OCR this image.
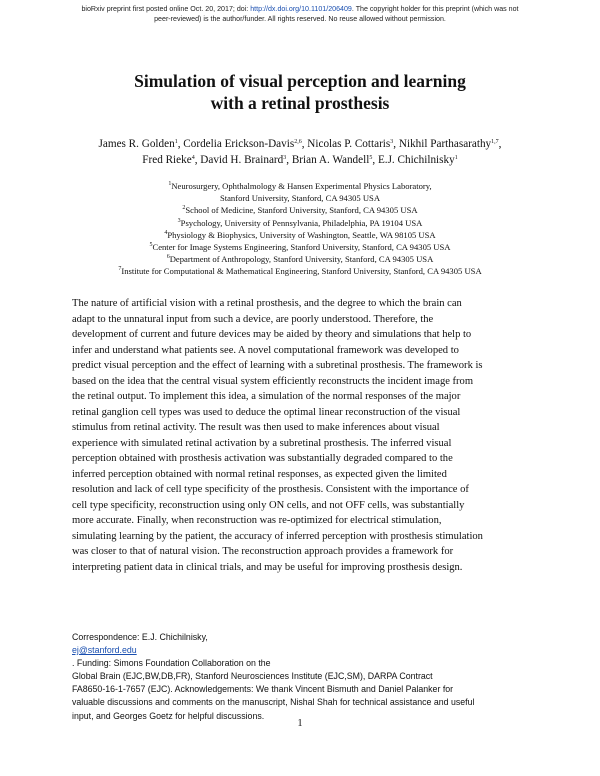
bioRxiv preprint first posted online Oct. 20, 2017; doi: http://dx.doi.org/10.1101/206409. The copyright holder for this preprint (which was not
peer-reviewed) is the author/funder. All rights reserved. No reuse allowed without permission.
Simulation of visual perception and learning
with a retinal prosthesis
James R. Golden$^1$, Cordelia Erickson-Davis$^{2,6}$, Nicolas P. Cottaris$^3$, Nikhil Parthasarathy$^{1,7}$,
Fred Rieke$^4$, David H. Brainard$^3$, Brian A. Wandell$^5$, E.J. Chichilnisky$^1$
$^1$Neurosurgery, Ophthalmology & Hansen Experimental Physics Laboratory,
Stanford University, Stanford, CA 94305 USA
$^2$School of Medicine, Stanford University, Stanford, CA 94305 USA
$^3$Psychology, University of Pennsylvania, Philadelphia, PA 19104 USA
$^4$Physiology & Biophysics, University of Washington, Seattle, WA 98105 USA
$^5$Center for Image Systems Engineering, Stanford University, Stanford, CA 94305 USA
$^6$Department of Anthropology, Stanford University, Stanford, CA 94305 USA
$^7$Institute for Computational & Mathematical Engineering, Stanford University, Stanford, CA 94305 USA
The nature of artificial vision with a retinal prosthesis, and the degree to which the brain can
adapt to the unnatural input from such a device, are poorly understood. Therefore, the
development of current and future devices may be aided by theory and simulations that help to
infer and understand what patients see. A novel computational framework was developed to
predict visual perception and the effect of learning with a subretinal prosthesis. The framework is
based on the idea that the central visual system efficiently reconstructs the incident image from
the retinal output. To implement this idea, a simulation of the normal responses of the major
retinal ganglion cell types was used to deduce the optimal linear reconstruction of the visual
stimulus from retinal activity. The result was then used to make inferences about visual
experience with simulated retinal activation by a subretinal prosthesis. The inferred visual
perception obtained with prosthesis activation was substantially degraded compared to the
inferred perception obtained with normal retinal responses, as expected given the limited
resolution and lack of cell type specificity of the prosthesis. Consistent with the importance of
cell type specificity, reconstruction using only ON cells, and not OFF cells, was substantially
more accurate. Finally, when reconstruction was re-optimized for electrical stimulation,
simulating learning by the patient, the accuracy of inferred perception with prosthesis stimulation
was closer to that of natural vision. The reconstruction approach provides a framework for
interpreting patient data in clinical trials, and may be useful for improving prosthesis design.
Correspondence: E.J. Chichilnisky,
ej@stanford.edu
. Funding: Simons Foundation Collaboration on the
Global Brain (EJC,BW,DB,FR), Stanford Neurosciences Institute (EJC,SM), DARPA Contract
FA8650-16-1-7657 (EJC). Acknowledgements: We thank Vincent Bismuth and Daniel Palanker for
valuable discussions and comments on the manuscript, Nishal Shah for technical assistance and useful
input, and Georges Goetz for helpful discussions.
1
